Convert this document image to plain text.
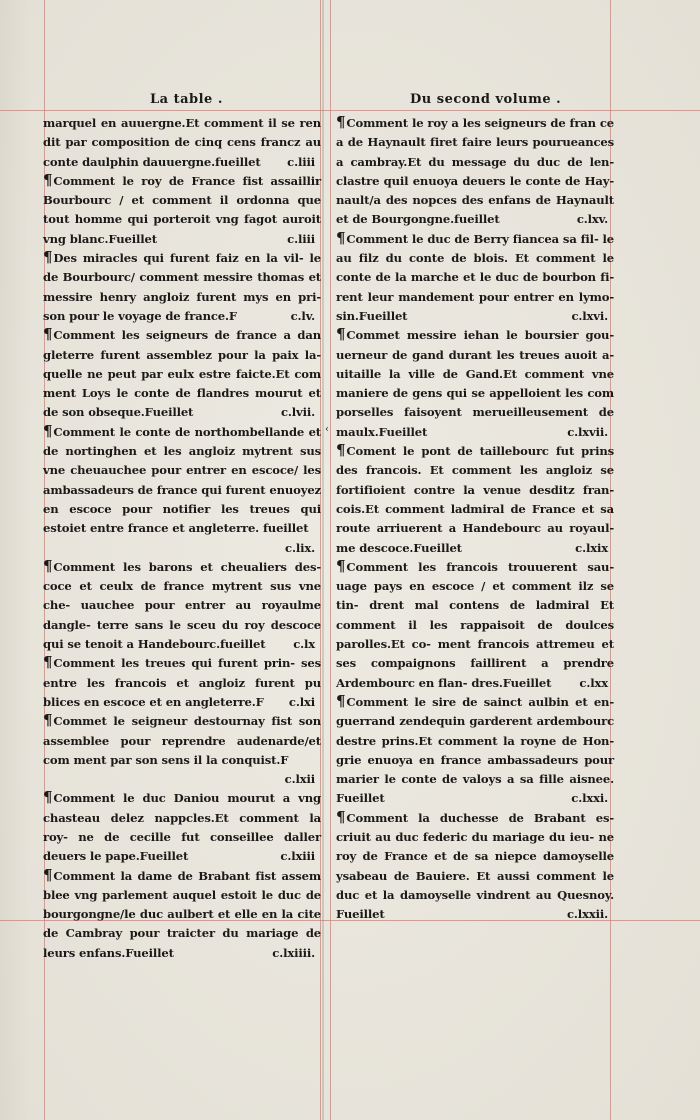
La table .	Du second volume .
‹

marquel en auuergne.Et comment il se ren dit par composition de cinq cens francz au conte daulphin dauuergne.fueillet c.liii

¶Comment le roy de France fist assaillir Bourbourc / et comment il ordonna que tout homme qui porteroit vng fagot auroit vng blanc.Fueillet	c.liii

¶Des miracles qui furent faiz en la vil- le de Bourbourc/ comment messire thomas et messire henry angloiz furent mys en pri- son pour le voyage de france.F	c.lv.

¶Comment les seigneurs de france a dan gleterre furent assemblez pour la paix la- quelle ne peut par eulx estre faicte.Et com ment Loys le conte de flandres mourut et de son obseque.Fueillet	c.lvii.

¶Comment le conte de northombellande et de nortinghen et les angloiz mytrent sus vne cheuauchee pour entrer en escoce/ les ambassadeurs de france qui furent enuoyez en escoce pour notifier les treues qui estoiet entre france et angleterre. fueillet
c.lix.

¶Comment les barons et cheualiers des- coce et ceulx de france mytrent sus vne che- uauchee pour entrer au royaulme dangle- terre sans le sceu du roy descoce qui se tenoit a Handebourc.fueillet c.lx

¶Comment les treues qui furent prin- ses entre les francois et angloiz furent pu blices en escoce et en angleterre.F c.lxi

¶Commet le seigneur destournay fist son assemblee pour reprendre audenarde/et com ment par son sens il la conquist.F
c.lxii

¶Comment le duc Daniou mourut a vng chasteau delez nappcles.Et comment la roy- ne de cecille fut conseillee daller deuers le pape.Fueillet	c.lxiii

¶Comment la dame de Brabant fist assem blee vng parlement auquel estoit le duc de bourgongne/le duc aulbert et elle en la cite de Cambray pour traicter du mariage de leurs enfans.Fueillet	c.lxiiii.

¶Comment le roy a les seigneurs de fran ce a de Haynault firet faire leurs pourueances a cambray.Et du message du duc de len- clastre quil enuoya deuers le conte de Hay- nault/a des nopces des enfans de Haynault et de Bourgongne.fueillet	c.lxv.

¶Comment le duc de Berry fiancea sa fil- le au filz du conte de blois. Et comment le conte de la marche et le duc de bourbon fi- rent leur mandement pour entrer en lymo- sin.Fueillet	c.lxvi.

¶Commet messire iehan le boursier gou- uerneur de gand durant les treues auoit a- uitaille la ville de Gand.Et comment vne maniere de gens qui se appelloient les com porselles faisoyent merueilleusement de maulx.Fueillet	c.lxvii.

¶Coment le pont de taillebourc fut prins des francois. Et comment les angloiz se fortifioient contre la venue desditz fran- cois.Et comment ladmiral de France et sa route arriuerent a Handebourc au royaul- me descoce.Fueillet	c.lxix

¶Comment les francois trouuerent sau- uage pays en escoce / et comment ilz se tin- drent mal contens de ladmiral Et comment il les rappaisoit de doulces parolles.Et co- ment francois attremeu et ses compaignons faillirent a prendre Ardembourc en flan- dres.Fueillet c.lxx

¶Comment le sire de sainct aulbin et en- guerrand zendequin garderent ardembourc destre prins.Et comment la royne de Hon- grie enuoya en france ambassadeurs pour marier le conte de valoys a sa fille aisnee. Fueillet	c.lxxi.

¶Comment la duchesse de Brabant es- criuit au duc federic du mariage du ieu- ne roy de France et de sa niepce damoyselle ysabeau de Bauiere. Et aussi comment le duc et la damoyselle vindrent au Quesnoy. Fueillet	c.lxxii.
